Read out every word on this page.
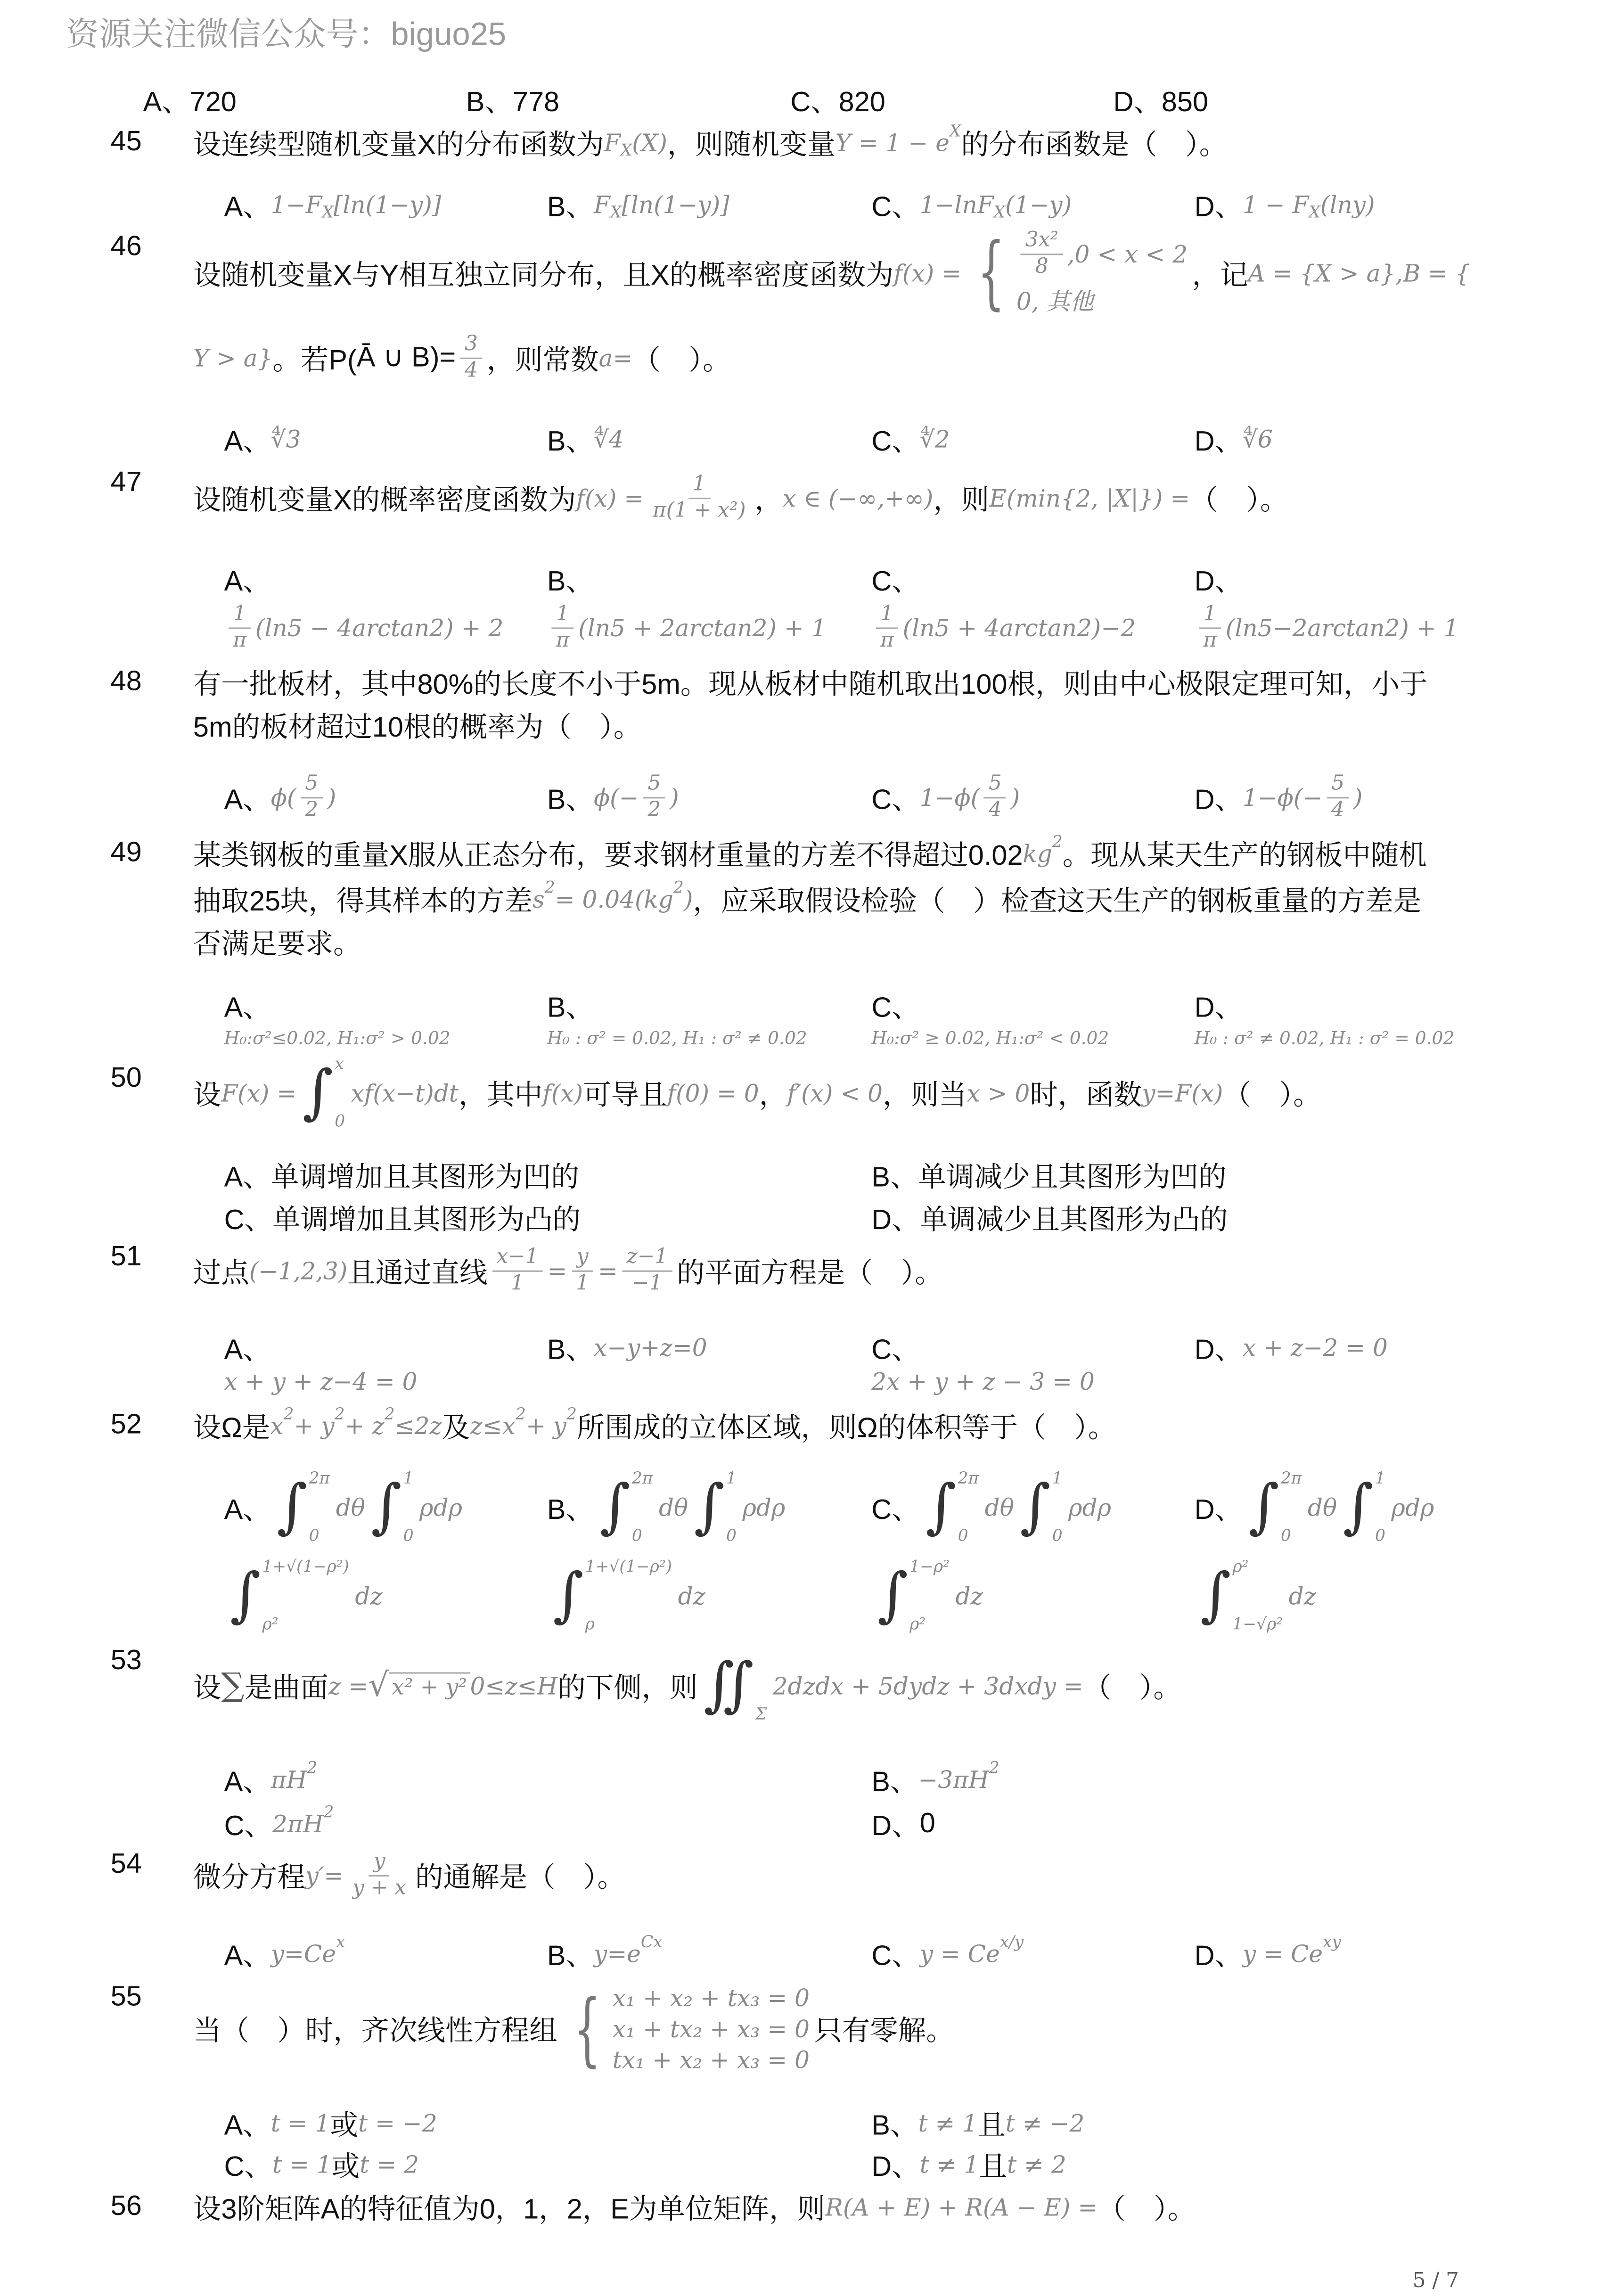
资源关注微信公众号：biguo25
A、720	B、778	C、820	D、850
45	设连续型随机变量X的分布函数为 F X (X) ，则随机变量 Y = 1 − e X 的分布函数是（　）。
A、 1−F X [ln(1−y)]	B、 F X [ln(1−y)]	C、 1−lnF X (1−y)	D、 1 − F X (lny)
46
设随机变量X与Y相互独立同分布，且X的概率密度函数为 f(x) = { $\frac{\text{3x²}}{8} ,0 < x < 2$
0, 其他
，记 A = {X > a},B = {
Y > a} 。若P( Ā ∪ B )= $\frac{3}{4}$ ，则常数 a= （　）。
A、 ∜3	B、 ∜4	C、 ∜2	D、 ∜6
47
设随机变量X的概率密度函数为 $f(x) = \frac{1}{\text{π(1 + x²)}}$ ， x ∈ (−∞,+∞) ，则 E(min{2, |X|}) = （　）。
A、
$\frac{1}{\pi} (\ln 5 - 4\arctan 2) + 2$
B、
$\frac{1}{\pi} (\ln 5 + 2\arctan 2) + 1$
C、
$\frac{1}{\pi} (\ln 5 + 4\arctan 2)-2$
D、
$\frac{1}{\pi} (\ln 5-2\arctan 2) + 1$
48	有一批板材，其中80%的长度不小于5m。现从板材中随机取出100根，则由中心极限定理可知，小于
5m的板材超过10根的概率为（　）。
A、 $\phi( \frac{5}{2}$ )	B、 $\phi(- \frac{5}{2}$ )	C、 $1-\phi( \frac{5}{4}$ )	D、 $1-\phi(- \frac{5}{4}$ )
49	某类钢板的重量X服从正态分布，要求钢材重量的方差不得超过0.02 kg 2 。现从某天生产的钢板中随机
抽取25块，得其样本的方差 s 2 = 0.04(kg 2 ) ，应采取假设检验（　）检查这天生产的钢板重量的方差是
否满足要求。
A、
H₀:σ²≤0.02, H₁:σ² > 0.02
B、
H₀ : σ² = 0.02, H₁ : σ² ≠ 0.02
C、
H₀:σ² ≥ 0.02, H₁:σ² < 0.02
D、
H₀ : σ² ≠ 0.02, H₁ : σ² = 0.02
50
设 F(x) = ∫ x
0
xf(x−t)dt ，其中 f(x) 可导且 f(0) = 0 ， f′(x) < 0 ，则当 x > 0 时，函数 y=F(x) （　）。
A、 单调增加且其图形为凹的	B、 单调减少且其图形为凹的
C、 单调增加且其图形为凸的	D、 单调减少且其图形为凸的
51
过点 (−1,2,3) 且通过直线 $\frac{x-1}{1} = \frac{y}{1} = \frac{z-1}{-1}$ 的平面方程是（　）。
A、
x + y + z−4 = 0
B、 x−y+z=0	C、
2x + y + z − 3 = 0
D、 x + z−2 = 0
52	设Ω是 x 2 + y 2 + z 2 ≤2z 及 z≤x 2 + y 2 所围成的立体区域，则Ω的体积等于（　）。
A、 ∫ 2π
0
dθ ∫ 1
0
ρdρ
∫ 1+√(1−ρ²)
ρ²
dz
B、 ∫ 2π
0
dθ ∫ 1
0
ρdρ
∫ 1+√(1−ρ²)
ρ
dz
C、 ∫ 2π
0
dθ ∫ 1
0
ρdρ
∫ 1−ρ²
ρ²
dz
D、 ∫ 2π
0
dθ ∫ 1
0
ρdρ
∫ ρ²
1−√ρ²
dz
53
设 ∑ 是曲面 z = √ x² + y² 0≤z≤H 的下侧，则 ∬ Σ
2dzdx + 5dydz + 3dxdy = （　）。
A、 πH 2	B、 −3πH 2
C、 2πH 2	D、 0
54	微分方程 $y'= \frac{y}{y + x}$ 的通解是（　）。
A、 y=Ce x	B、 y=e Cx	C、 y = Ce x/y	D、 y = Ce xy
55
当（　）时，齐次线性方程组 { x₁ + x₂ + tx₃ = 0
x₁ + tx₂ + x₃ = 0
tx₁ + x₂ + x₃ = 0
只有零解。
A、 t = 1 或 t = −2	B、 t ≠ 1 且 t ≠ −2
C、 t = 1 或 t = 2	D、 t ≠ 1 且 t ≠ 2
56	设3阶矩阵A的特征值为0，1，2，E为单位矩阵，则 R(A + E) + R(A − E) = （　）。
5 / 7
